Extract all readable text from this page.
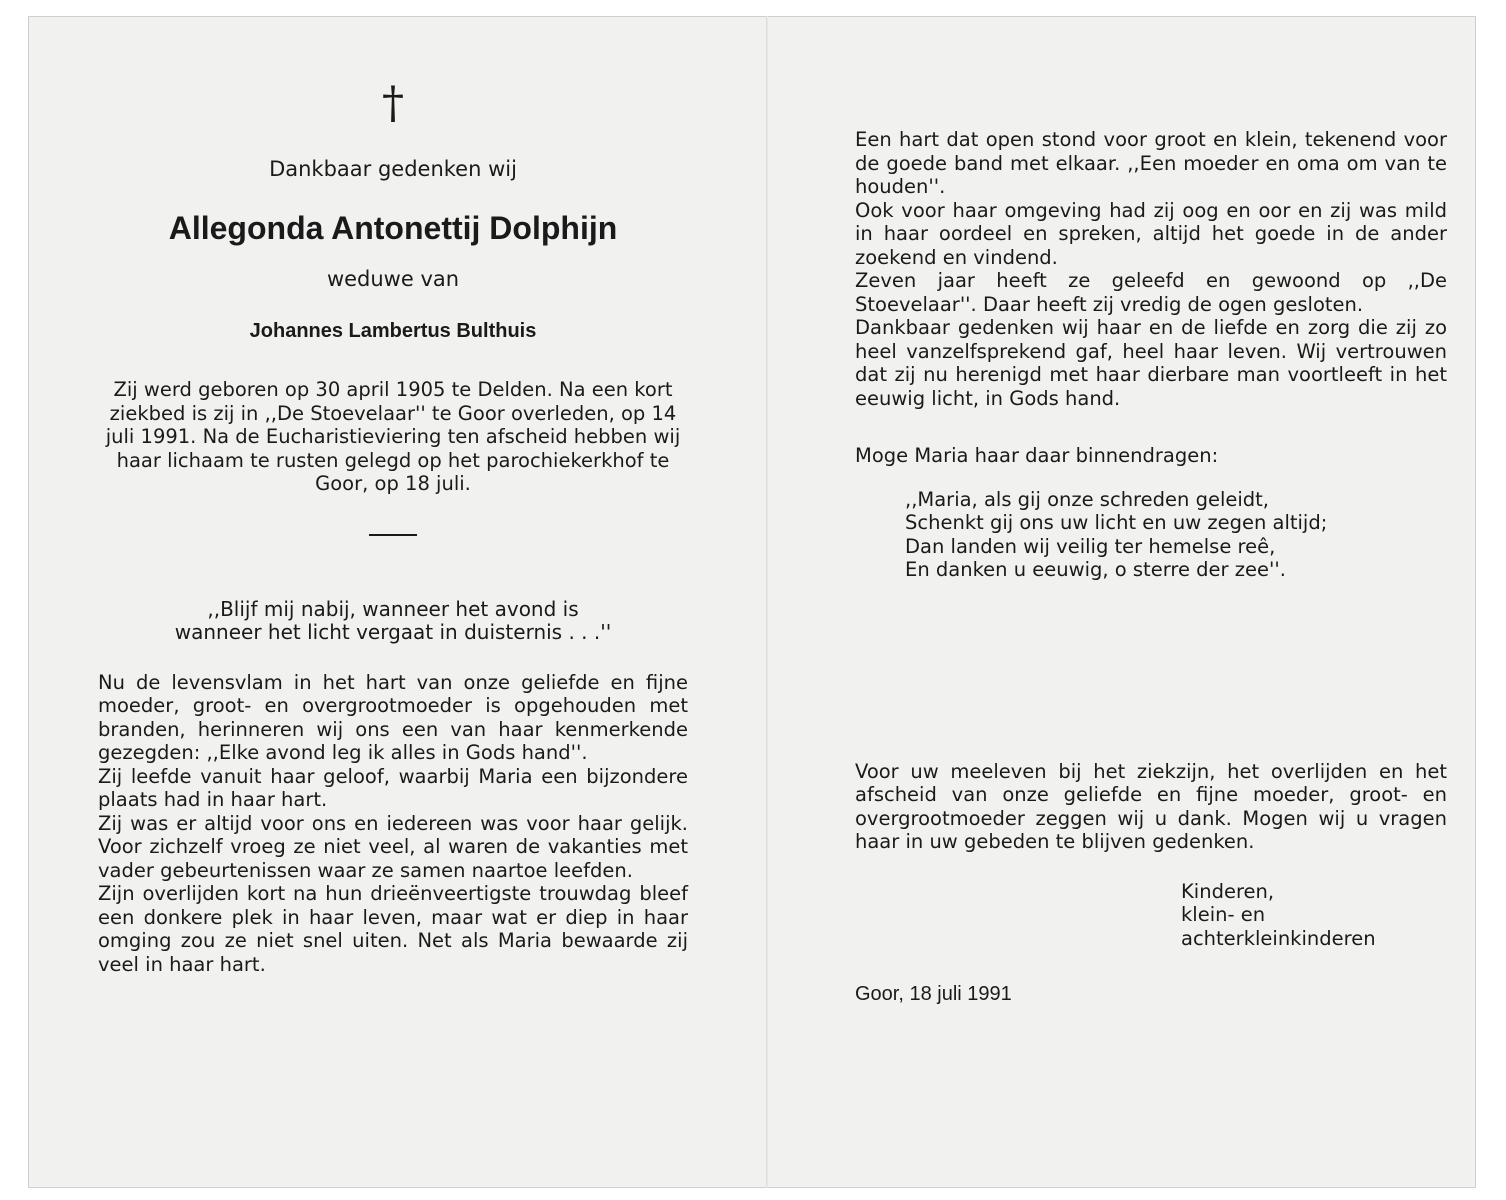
†
Dankbaar gedenken wij
Allegonda Antonettij Dolphijn
weduwe van
Johannes Lambertus Bulthuis
Zij werd geboren op 30 april 1905 te Delden. Na een kort ziekbed is zij in ,,De Stoevelaar'' te Goor overleden, op 14 juli 1991. Na de Eucharistieviering ten afscheid hebben wij haar lichaam te rusten gelegd op het parochiekerkhof te Goor, op 18 juli.
,,Blijf mij nabij, wanneer het avond is
wanneer het licht vergaat in duisternis . . .''

Nu de levensvlam in het hart van onze geliefde en fijne moeder, groot- en overgrootmoeder is opgehouden met branden, herinneren wij ons een van haar kenmerkende gezegden: ,,Elke avond leg ik alles in Gods hand''.

Zij leefde vanuit haar geloof, waarbij Maria een bijzondere plaats had in haar hart.

Zij was er altijd voor ons en iedereen was voor haar gelijk. Voor zichzelf vroeg ze niet veel, al waren de vakanties met vader gebeurtenissen waar ze samen naartoe leefden.

Zijn overlijden kort na hun drieënveertigste trouwdag bleef een donkere plek in haar leven, maar wat er diep in haar omging zou ze niet snel uiten. Net als Maria bewaarde zij veel in haar hart.

Een hart dat open stond voor groot en klein, tekenend voor de goede band met elkaar. ,,Een moeder en oma om van te houden''.

Ook voor haar omgeving had zij oog en oor en zij was mild in haar oordeel en spreken, altijd het goede in de ander zoekend en vindend.

Zeven jaar heeft ze geleefd en gewoond op ,,De Stoevelaar''. Daar heeft zij vredig de ogen gesloten.

Dankbaar gedenken wij haar en de liefde en zorg die zij zo heel vanzelfsprekend gaf, heel haar leven. Wij vertrouwen dat zij nu herenigd met haar dierbare man voortleeft in het eeuwig licht, in Gods hand.

Moge Maria haar daar binnendragen:
,,Maria, als gij onze schreden geleidt,
Schenkt gij ons uw licht en uw zegen altijd;
Dan landen wij veilig ter hemelse reê,
En danken u eeuwig, o sterre der zee''.
Voor uw meeleven bij het ziekzijn, het overlijden en het afscheid van onze geliefde en fijne moeder, groot- en overgrootmoeder zeggen wij u dank. Mogen wij u vragen haar in uw gebeden te blijven gedenken.
Kinderen,
klein- en
achterkleinkinderen
Goor, 18 juli 1991
